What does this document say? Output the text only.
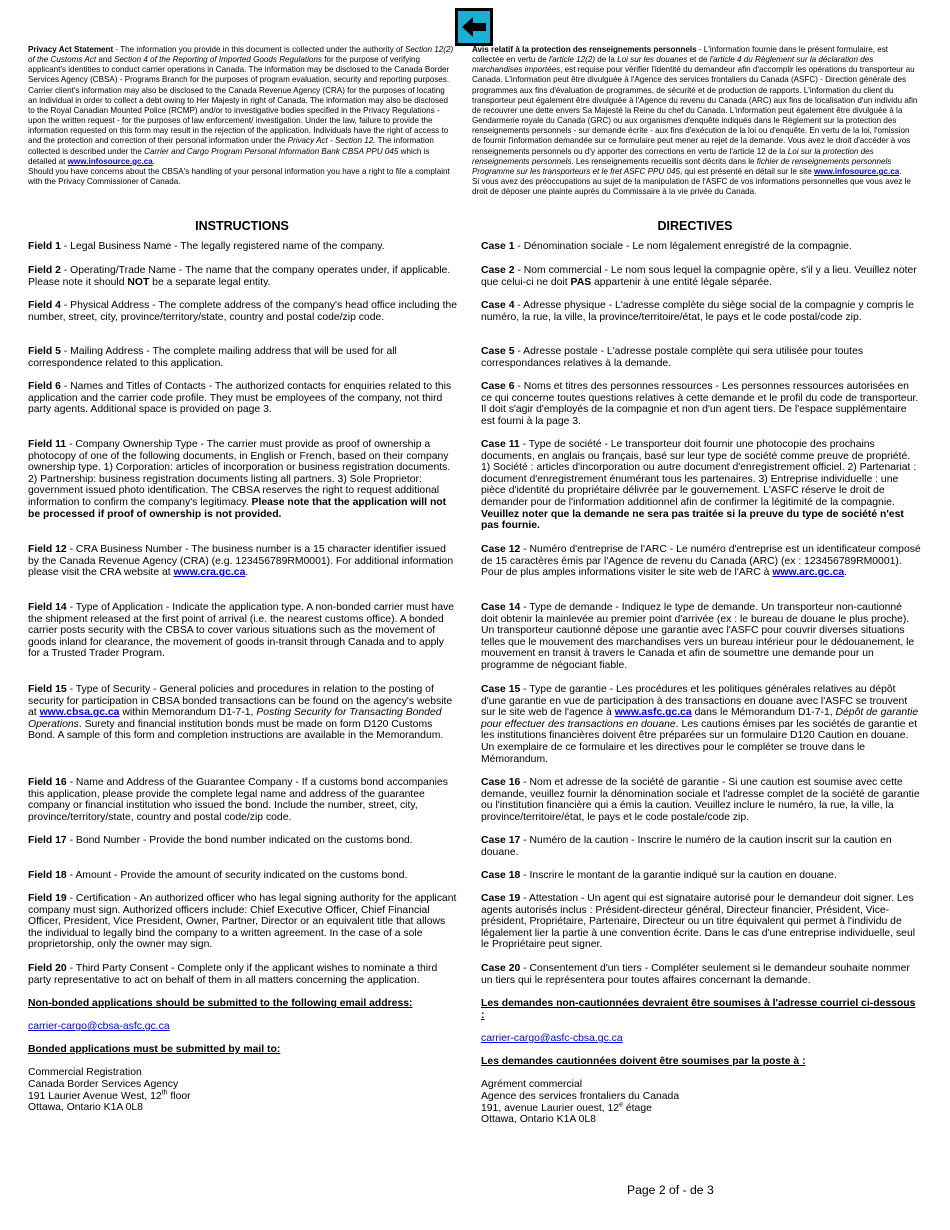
Privacy Act Statement - The information you provide in this document is collected under the authority of Section 12(2) of the Customs Act and Section 4 of the Reporting of Imported Goods Regulations for the purpose of verifying applicant's identities to conduct carrier operations in Canada. The information may be disclosed to the Canada Border Services Agency (CBSA) - Programs Branch for the purposes of program evaluation, security and reporting purposes. Carrier client's information may also be disclosed to the Canada Revenue Agency (CRA) for the purposes of locating an individual in order to collect a debt owing to Her Majesty in right of Canada. The information may also be disclosed to the Royal Canadian Mounted Police (RCMP) and/or to investigative bodies specified in the Privacy Regulations - upon the written request - for the purposes of law enforcement/ investigation. Under the law, failure to provide the information requested on this form may result in the rejection of the application. Individuals have the right of access to and the protection and correction of their personal information under the Privacy Act - Section 12. The information collected is described under the Carrier and Cargo Program Personal Information Bank CBSA PPU 045 which is detailed at www.infosource.gc.ca.

Should you have concerns about the CBSA's handling of your personal information you have a right to file a complaint with the Privacy Commissioner of Canada.

Avis relatif à la protection des renseignements personnels - L'information fournie dans le présent formulaire, est collectée en vertu de l'article 12(2) de la Loi sur les douanes et de l'article 4 du Règlement sur la déclaration des marchandises importées, est requise pour vérifier l'identité du demandeur afin d'accomplir les opérations du transporteur au Canada. L'information peut être divulguée à l'Agence des services frontaliers du Canada (ASFC) - Direction générale des programmes aux fins d'évaluation de programmes, de sécurité et de production de rapports. L'information du client du transporteur peut également être divulguée à l'Agence du revenu du Canada (ARC) aux fins de localisation d'un individu afin de recouvrer une dette envers Sa Majesté la Reine du chef du Canada. L'information peut également être divulguée à la Gendarmerie royale du Canada (GRC) ou aux organismes d'enquête indiqués dans le Règlement sur la protection des renseignements personnels - sur demande écrite - aux fins d'exécution de la loi ou d'enquête. En vertu de la loi, l'omission de fournir l'information demandée sur ce formulaire peut mener au rejet de la demande. Vous avez le droit d'accéder à vos renseignements personnels ou d'y apporter des corrections en vertu de l'article 12 de la Loi sur la protection des renseignements personnels. Les renseignements recueillis sont décrits dans le fichier de renseignements personnels Programme sur les transporteurs et le fret ASFC PPU 045, qui est présenté en détail sur le site www.infosource.gc.ca.

Si vous avez des préoccupations au sujet de la manipulation de l'ASFC de vos informations personnelles que vous avez le droit de déposer une plainte auprès du Commissaire à la vie privée du Canada.

INSTRUCTIONS	DIRECTIVES

Field 1 - Legal Business Name - The legally registered name of the company.

Field 2 - Operating/Trade Name - The name that the company operates under, if applicable. Please note it should NOT be a separate legal entity.

Field 4 - Physical Address - The complete address of the company's head office including the number, street, city, province/territory/state, country and postal code/zip code.

Field 5 - Mailing Address - The complete mailing address that will be used for all correspondence related to this application.

Field 6 - Names and Titles of Contacts - The authorized contacts for enquiries related to this application and the carrier code profile. They must be employees of the company, not third party agents. Additional space is provided on page 3.

Field 11 - Company Ownership Type - The carrier must provide as proof of ownership a photocopy of one of the following documents, in English or French, based on their company ownership type. 1) Corporation: articles of incorporation or business registration documents. 2) Partnership: business registration documents listing all partners. 3) Sole Proprietor: government issued photo identification. The CBSA reserves the right to request additional information to confirm the company's legitimacy. Please note that the application will not be processed if proof of ownership is not provided.

Field 12 - CRA Business Number - The business number is a 15 character identifier issued by the Canada Revenue Agency (CRA) (e.g. 123456789RM0001). For additional information please visit the CRA website at www.cra.gc.ca.

Field 14 - Type of Application - Indicate the application type. A non-bonded carrier must have the shipment released at the first point of arrival (i.e. the nearest customs office). A bonded carrier posts security with the CBSA to cover various situations such as the movement of goods inland for clearance, the movement of goods in-transit through Canada and to apply for a Trusted Trader Program.

Field 15 - Type of Security - General policies and procedures in relation to the posting of security for participation in CBSA bonded transactions can be found on the agency's website at www.cbsa.gc.ca within Memorandum D1-7-1, Posting Security for Transacting Bonded Operations. Surety and financial institution bonds must be made on form D120 Customs Bond. A sample of this form and completion instructions are available in the Memorandum.

Field 16 - Name and Address of the Guarantee Company - If a customs bond accompanies this application, please provide the complete legal name and address of the guarantee company or financial institution who issued the bond. Include the number, street, city, province/territory/state, country and postal code/zip code.

Field 17 - Bond Number - Provide the bond number indicated on the customs bond.

Field 18 - Amount - Provide the amount of security indicated on the customs bond.

Field 19 - Certification - An authorized officer who has legal signing authority for the applicant company must sign. Authorized officers include: Chief Executive Officer, Chief Financial Officer, President, Vice President, Owner, Partner, Director or an equivalent title that allows the individual to legally bind the company to a written agreement. In the case of a sole proprietorship, only the owner may sign.

Field 20 - Third Party Consent - Complete only if the applicant wishes to nominate a third party representative to act on behalf of them in all matters concerning the application.

Non-bonded applications should be submitted to the following email address:
carrier-cargo@cbsa-asfc.gc.ca
Bonded applications must be submitted by mail to:
Commercial Registration
Canada Border Services Agency
191 Laurier Avenue West, 12th floor
Ottawa, Ontario K1A 0L8

Case 1 - Dénomination sociale - Le nom légalement enregistré de la compagnie.

Case 2 - Nom commercial - Le nom sous lequel la compagnie opère, s'il y a lieu. Veuillez noter que celui-ci ne doit PAS appartenir à une entité légale séparée.

Case 4 - Adresse physique - L'adresse complète du siège social de la compagnie y compris le numéro, la rue, la ville, la province/territoire/état, le pays et le code postal/code zip.

Case 5 - Adresse postale - L'adresse postale complète qui sera utilisée pour toutes correspondances relatives à la demande.

Case 6 - Noms et titres des personnes ressources - Les personnes ressources autorisées en ce qui concerne toutes questions relatives à cette demande et le profil du code de transporteur. Il doit s'agir d'employés de la compagnie et non d'un agent tiers. De l'espace supplémentaire est fourni à la page 3.

Case 11 - Type de société - Le transporteur doit fournir une photocopie des prochains documents, en anglais ou français, basé sur leur type de société comme preuve de propriété. 1) Société : articles d'incorporation ou autre document d'enregistrement officiel. 2) Partenariat : document d'enregistrement énumérant tous les partenaires. 3) Entreprise individuelle : une pièce d'identité du propriétaire délivrée par le gouvernement. L'ASFC réserve le droit de demander pour de l'information additionnel afin de confirmer la légitimité de la compagnie. Veuillez noter que la demande ne sera pas traitée si la preuve du type de société n'est pas fournie.

Case 12 - Numéro d'entreprise de l'ARC - Le numéro d'entreprise est un identificateur composé de 15 caractères émis par l'Agence de revenu du Canada (ARC) (ex : 123456789RM0001). Pour de plus amples informations visiter le site web de l'ARC à www.arc.gc.ca.

Case 14 - Type de demande - Indiquez le type de demande. Un transporteur non-cautionné doit obtenir la mainlevée au premier point d'arrivée (ex : le bureau de douane le plus proche). Un transporteur cautionné dépose une garantie avec l'ASFC pour couvrir diverses situations telles que le mouvement des marchandises vers un bureau intérieur pour le dédouanement, le mouvement en transit à travers le Canada et afin de soumettre une demande pour un programme de négociant fiable.

Case 15 - Type de garantie - Les procédures et les politiques générales relatives au dépôt d'une garantie en vue de participation à des transactions en douane avec l'ASFC se trouvent sur le site web de l'agence à www.asfc.gc.ca dans le Mémorandum D1-7-1, Dépôt de garantie pour effectuer des transactions en douane. Les cautions émises par les sociétés de garantie et les institutions financières doivent être préparées sur un formulaire D120 Caution en douane. Un exemplaire de ce formulaire et les directives pour le compléter se trouve dans le Mémorandum.

Case 16 - Nom et adresse de la société de garantie - Si une caution est soumise avec cette demande, veuillez fournir la dénomination sociale et l'adresse complet de la société de garantie ou l'institution financière qui a émis la caution. Veuillez inclure le numéro, la rue, la ville, la province/territoire/état, le pays et le code postale/code zip.

Case 17 - Numéro de la caution - Inscrire le numéro de la caution inscrit sur la caution en douane.

Case 18 - Inscrire le montant de la garantie indiqué sur la caution en douane.

Case 19 - Attestation - Un agent qui est signataire autorisé pour le demandeur doit signer. Les agents autorisés inclus : Président-directeur général, Directeur financier, Président, Vice-président, Propriétaire, Partenaire, Directeur ou un titre équivalent qui permet à l'individu de légalement lier la partie à une convention écrite. Dans le cas d'une entreprise individuelle, seul le Propriétaire peut signer.

Case 20 - Consentement d'un tiers - Compléter seulement si le demandeur souhaite nommer un tiers qui le représentera pour toutes affaires concernant la demande.

Les demandes non-cautionnées devraient être soumises à l'adresse courriel ci-dessous :
carrier-cargo@asfc-cbsa.gc.ca
Les demandes cautionnées doivent être soumises par la poste à :
Agrément commercial
Agence des services frontaliers du Canada
191, avenue Laurier ouest, 12e étage
Ottawa, Ontario K1A 0L8
Page 2 of - de 3
